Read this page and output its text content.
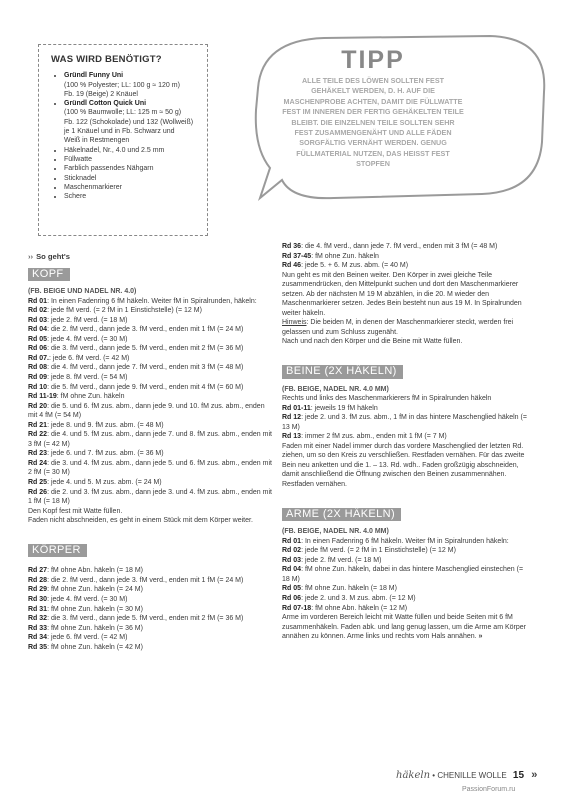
WAS WIRD BENÖTIGT?
• Gründl Funny Uni
(100 % Polyester; LL: 100 g ≈ 120 m)
Fb. 19 (Beige) 2 Knäuel
• Gründl Cotton Quick Uni
(100 % Baumwolle; LL: 125 m ≈ 50 g)
Fb. 122 (Schokolade) und 132 (Wollweiß)
je 1 Knäuel und in Fb. Schwarz und
Weiß in Restmengen
• Häkelnadel, Nr., 4.0 und 2.5 mm
• Füllwatte
• Farblich passendes Nähgarn
• Sticknadel
• Maschenmarkierer
• Schere
TIPP
ALLE TEILE DES LÖWEN SOLLTEN FEST GEHÄKELT WERDEN, D. H. AUF DIE MASCHENPROBE ACHTEN, DAMIT DIE FÜLLWATTE FEST IM INNEREN DER FERTIG GEHÄKELTEN TEILE BLEIBT. DIE EINZELNEN TEILE SOLLTEN SEHR FEST ZUSAMMENGENÄHT UND ALLE FÄDEN SORGFÄLTIG VERNÄHT WERDEN. GENUG FÜLLMATERIAL NUTZEN, DAS HEISST FEST STOPFEN

›› So geht's

KOPF

(FB. BEIGE UND NADEL NR. 4.0)

Rd 01: In einen Fadenring 6 fM häkeln. Weiter fM in Spiralrunden, häkeln:

Rd 02: jede fM verd. (= 2 fM in 1 Einstichstelle) (= 12 M)

Rd 03: jede 2. fM verd. (= 18 M)

Rd 04: die 2. fM verd., dann jede 3. fM verd., enden mit 1 fM (= 24 M)

Rd 05: jede 4. fM verd. (= 30 M)

Rd 06: die 3. fM verd., dann jede 5. fM verd., enden mit 2 fM (= 36 M)

Rd 07.: jede 6. fM verd. (= 42 M)

Rd 08: die 4. fM verd., dann jede 7. fM verd., enden mit 3 fM (= 48 M)

Rd 09: jede 8. fM verd. (= 54 M)

Rd 10: die 5. fM verd., dann jede 9. fM verd., enden mit 4 fM (= 60 M)

Rd 11-19: fM ohne Zun. häkeln

Rd 20: die 5. und 6. fM zus. abm., dann jede 9. und 10. fM zus. abm., enden mit 4 fM (= 54 M)

Rd 21: jede 8. und 9. fM zus. abm. (= 48 M)

Rd 22: die 4. und 5. fM zus. abm., dann jede 7. und 8. fM zus. abm., enden mit 3 fM (= 42 M)

Rd 23: jede 6. und 7. fM zus. abm. (= 36 M)

Rd 24: die 3. und 4. fM zus. abm., dann jede 5. und 6. fM zus. abm., enden mit 2 fM (= 30 M)

Rd 25: jede 4. und 5. M zus. abm. (= 24 M)

Rd 26: die 2. und 3. fM zus. abm., dann jede 3. und 4. fM zus. abm., enden mit 1 fM (= 18 M)

Den Kopf fest mit Watte füllen.

Faden nicht abschneiden, es geht in einem Stück mit dem Körper weiter.

KÖRPER

Rd 27: fM ohne Abn. häkeln (= 18 M)

Rd 28: die 2. fM verd., dann jede 3. fM verd., enden mit 1 fM (= 24 M)

Rd 29: fM ohne Zun. häkeln (= 24 M)

Rd 30: jede 4. fM verd. (= 30 M)

Rd 31: fM ohne Zun. häkeln (= 30 M)

Rd 32: die 3. fM verd., dann jede 5. fM verd., enden mit 2 fM (= 36 M)

Rd 33: fM ohne Zun. häkeln (= 36 M)

Rd 34: jede 6. fM verd. (= 42 M)

Rd 35: fM ohne Zun. häkeln (= 42 M)

Rd 36: die 4. fM verd., dann jede 7. fM verd., enden mit 3 fM (= 48 M)

Rd 37-45: fM ohne Zun. häkeln

Rd 46: jede 5. + 6. M zus. abm. (= 40 M)

Nun geht es mit den Beinen weiter. Den Körper in zwei gleiche Teile zusammendrücken, den Mittelpunkt suchen und dort den Maschenmarkierer setzen. Ab der nächsten M 19 M abzählen, in die 20. M wieder den Maschenmarkierer setzen. Jedes Bein besteht nun aus 19 M. In Spiralrunden weiter häkeln.

Hinweis: Die beiden M, in denen der Maschenmarkierer steckt, werden frei gelassen und zum Schluss zugenäht.

Nach und nach den Körper und die Beine mit Watte füllen.

BEINE (2X HÄKELN)

(FB. BEIGE, NADEL NR. 4.0 MM)

Rechts und links des Maschenmarkierers fM in Spiralrunden häkeln

Rd 01-11: jeweils 19 fM häkeln

Rd 12: jede 2. und 3. fM zus. abm., 1 fM in das hintere Maschenglied häkeln (= 13 M)

Rd 13: immer 2 fM zus. abm., enden mit 1 fM (= 7 M)

Faden mit einer Nadel immer durch das vordere Maschenglied der letzten Rd. ziehen, um so den Kreis zu verschließen. Restfaden vernähen. Für das zweite Bein neu anketten und die 1. – 13. Rd. wdh.. Faden großzügig abschneiden, damit anschließend die Öffnung zwischen den Beinen zusammennähen. Restfaden vernähen.

ARME (2X HÄKELN)

(FB. BEIGE, NADEL NR. 4.0 MM)

Rd 01: In einen Fadenring 6 fM häkeln. Weiter fM in Spiralrunden häkeln:

Rd 02: jede fM verd. (= 2 fM in 1 Einstichstelle) (= 12 M)

Rd 03: jede 2. fM verd. (= 18 M)

Rd 04: fM ohne Zun. häkeln, dabei in das hintere Maschenglied einstechen (= 18 M)

Rd 05: fM ohne Zun. häkeln (= 18 M)

Rd 06: jede 2. und 3. M zus. abm. (= 12 M)

Rd 07-18: fM ohne Abn. häkeln (= 12 M)

Arme im vorderen Bereich leicht mit Watte füllen und beide Seiten mit 6 fM zusammenhäkeln. Faden abk. und lang genug lassen, um die Arme am Körper annähen zu können. Arme links und rechts vom Hals annähen. »

häkeln • CHENILLE WOLLE 15 »
PassionForum.ru
